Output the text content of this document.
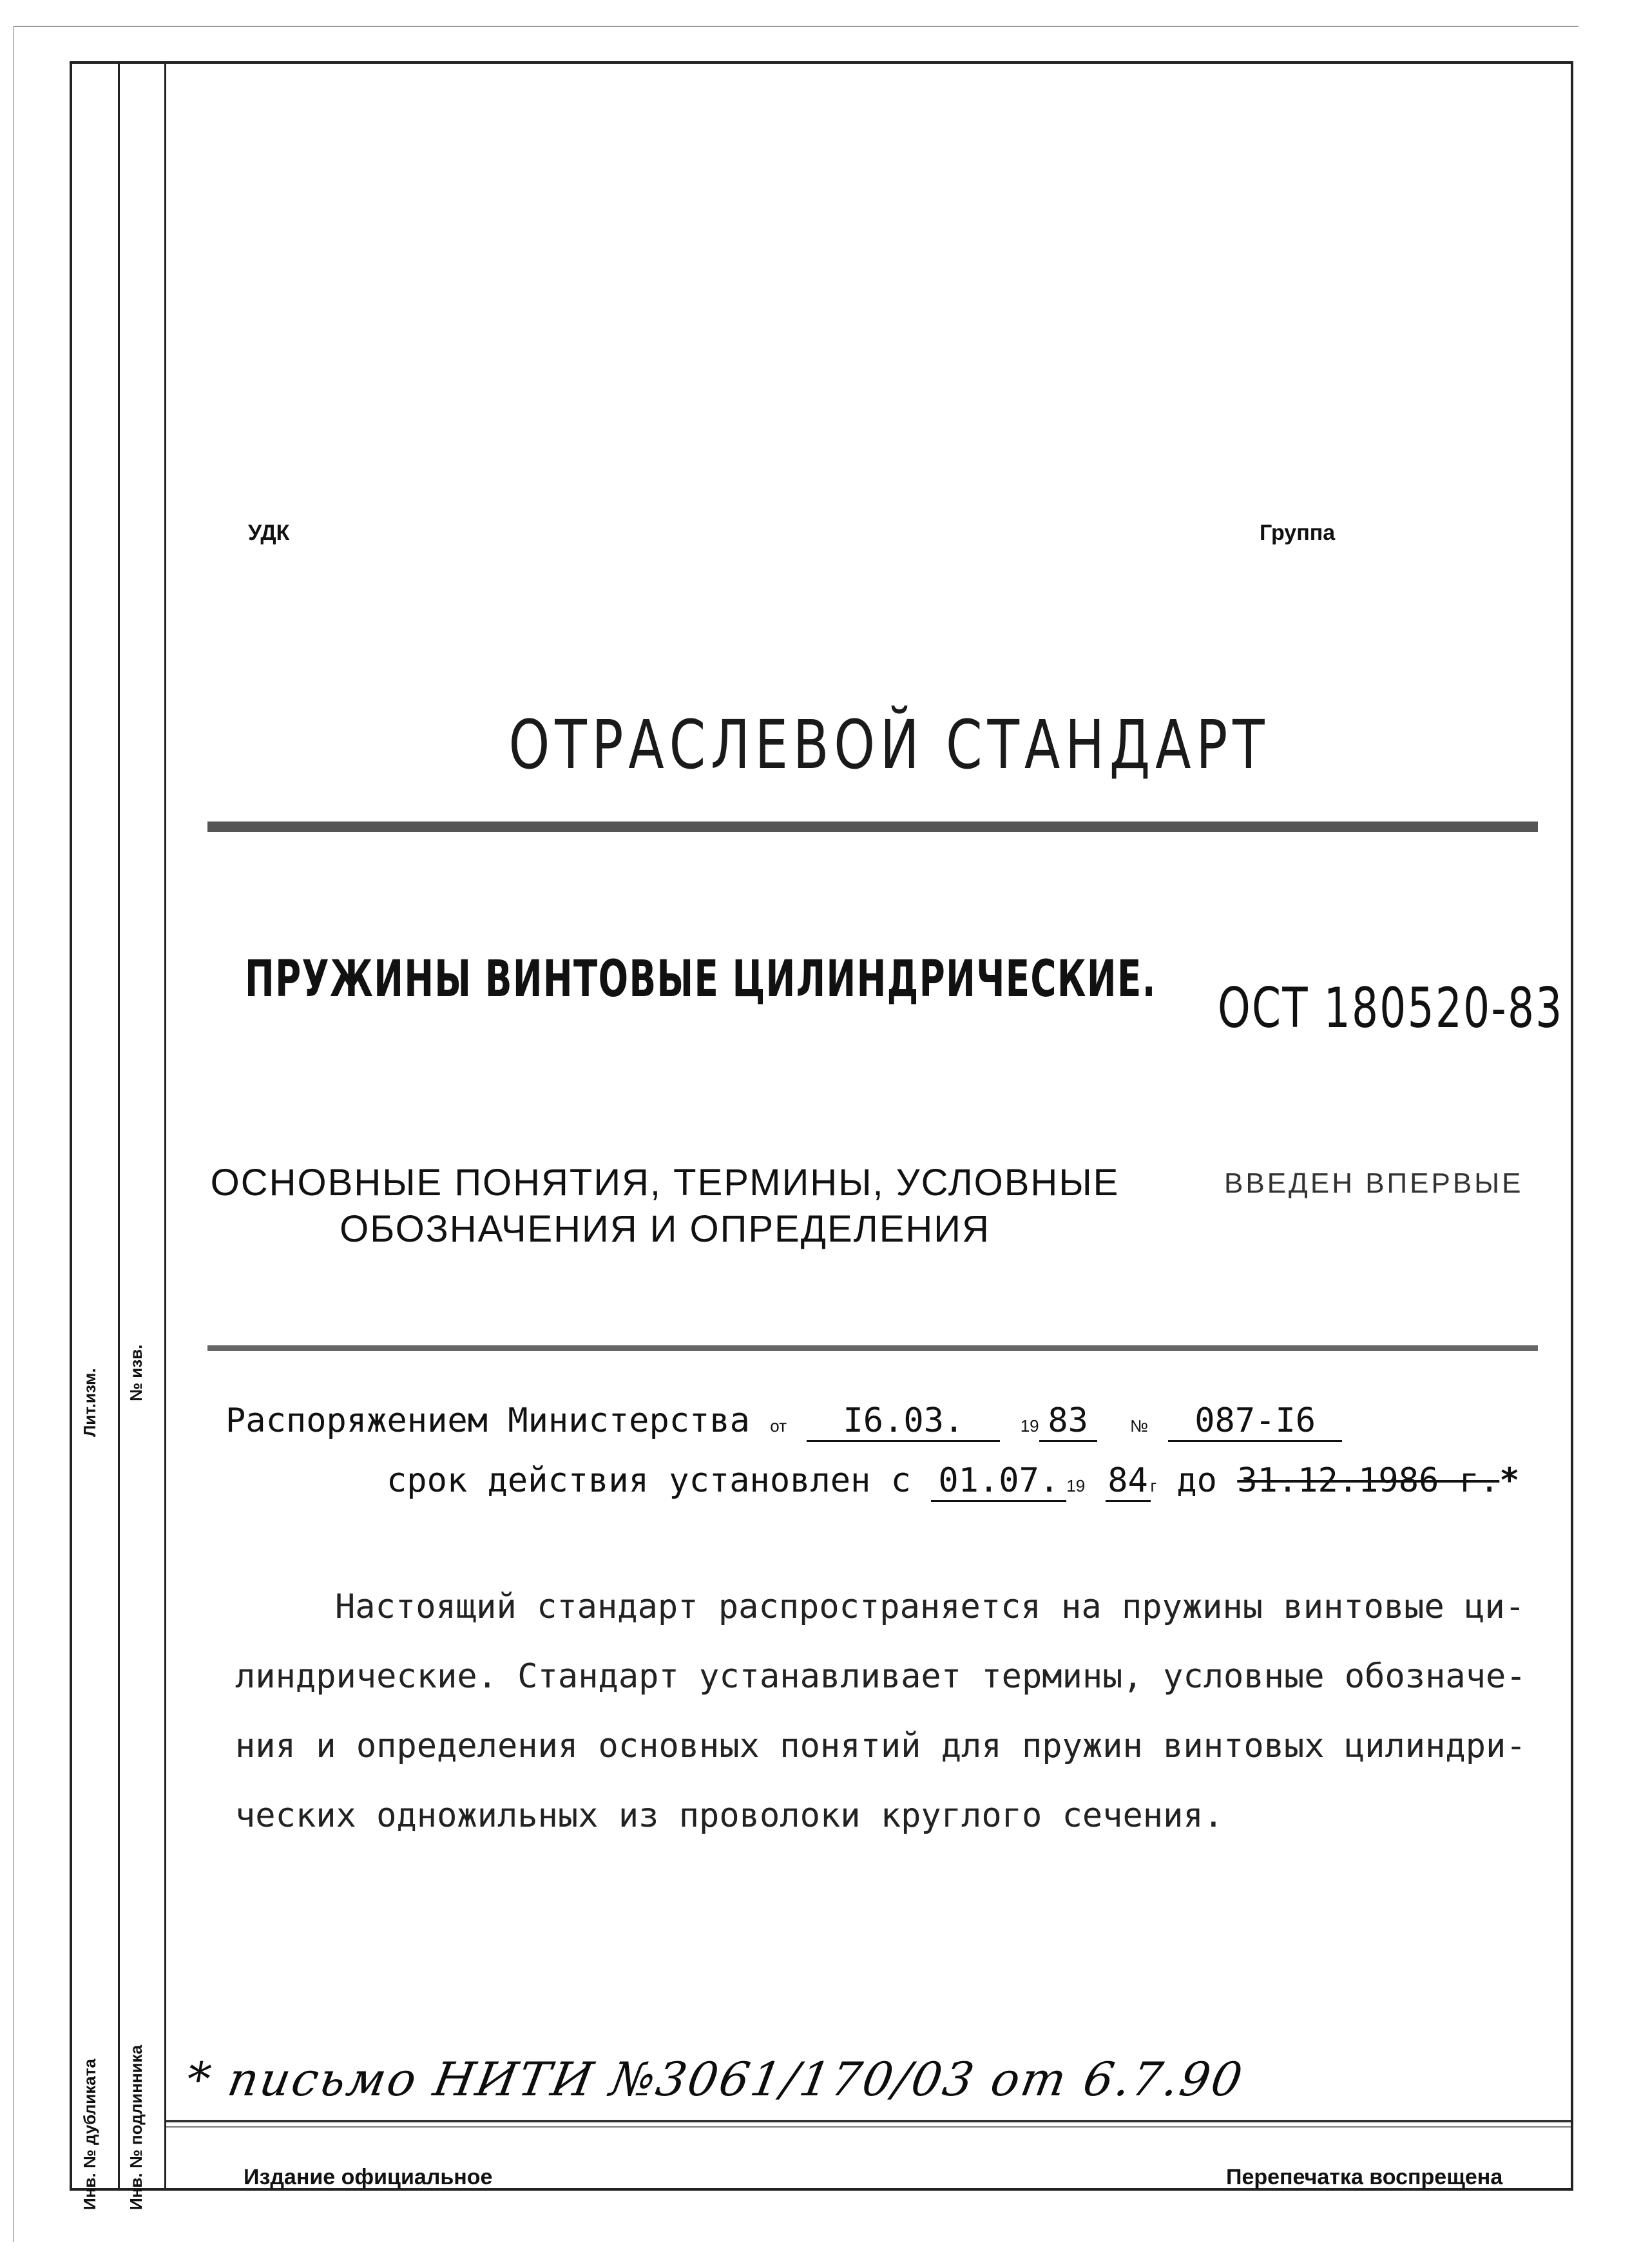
Лит.изм. № изв.
Инв. № дубликата Инв. № подлинника
УДК	Группа
ОТРАСЛЕВОЙ СТАНДАРТ
ПРУЖИНЫ ВИНТОВЫЕ ЦИЛИНДРИЧЕСКИЕ. ОСТ 180520-83
ОСНОВНЫЕ ПОНЯТИЯ, ТЕРМИНЫ, УСЛОВНЫЕ
ОБОЗНАЧЕНИЯ И ОПРЕДЕЛЕНИЯ
ВВЕДЕН ВПЕРВЫЕ
Распоряжением Министерства от I6.03.	19 83	№ 087-I6
срок действия установлен с 01.07. 19 84 г до 31.12.1986 г.*
Настоящий стандарт распространяется на пружины винтовые ци-
линдрические. Стандарт устанавливает термины, условные обозначе-
ния и определения основных понятий для пружин винтовых цилиндри-
ческих одножильных из проволоки круглого сечения.
* письмо НИТИ №3061/170/03 от 6.7.90
Издание официальное	Перепечатка воспрещена
